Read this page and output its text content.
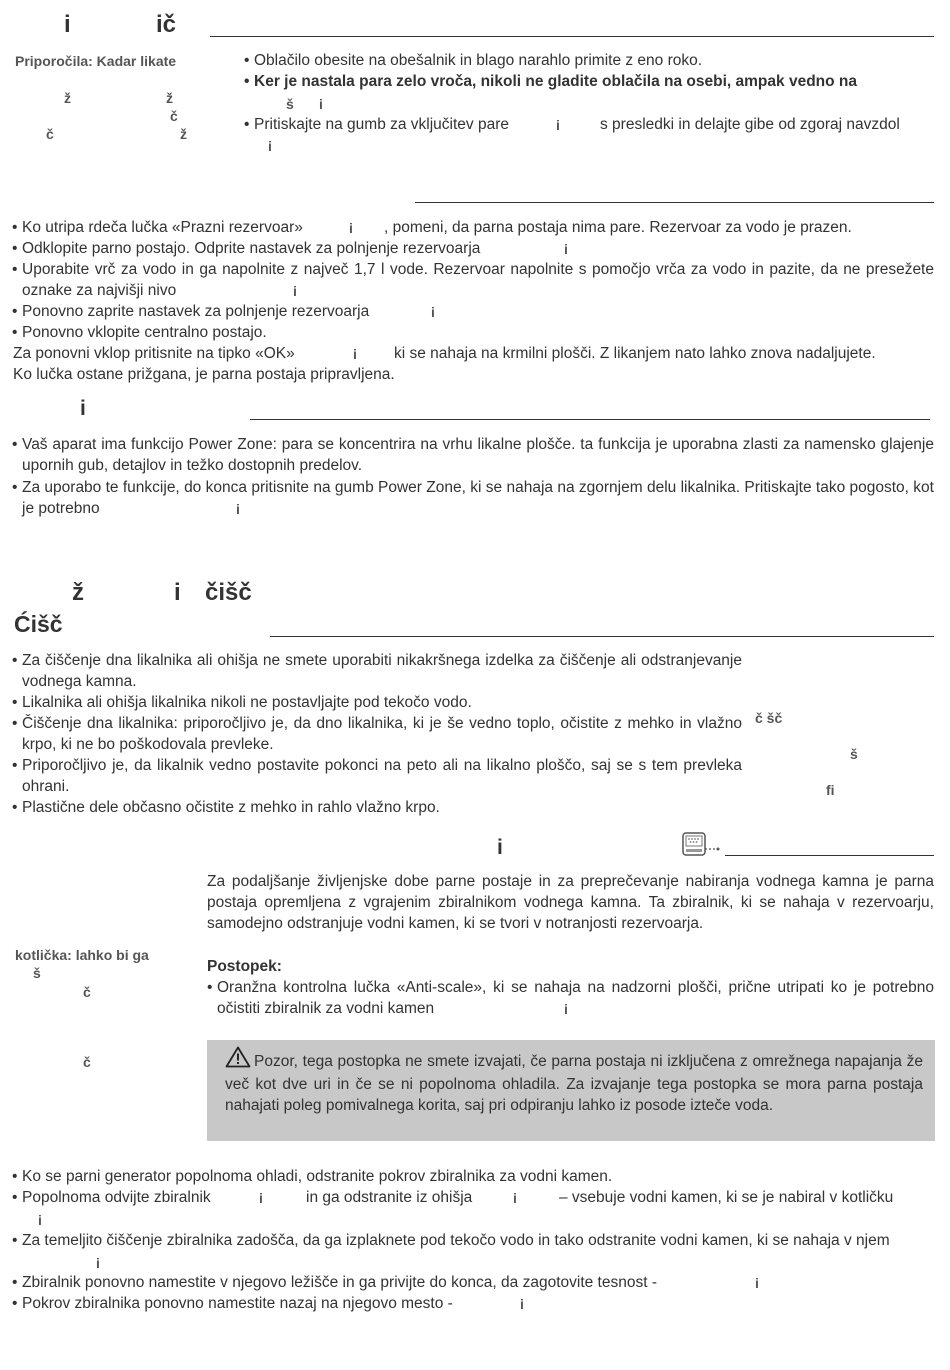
i	ič
Priporočila: Kadar likate
ž	ž
č
č	ž
• Oblačilo obesite na obešalnik in blago narahlo primite z eno roko.
• Ker je nastala para zelo vroča, nikoli ne gladite oblačila na osebi, ampak vedno na
š i
• Pritiskajte na gumb za vključitev pare	i	s presledki in delajte gibe od zgoraj navzdol
i
• Ko utripa rdeča lučka «Prazni rezervoar»	i , pomeni, da parna postaja nima pare. Rezervoar za vodo je prazen.
• Odklopite parno postajo. Odprite nastavek za polnjenje rezervoarja	i
• Uporabite vrč za vodo in ga napolnite z največ 1,7 l vode. Rezervoar napolnite s pomočjo vrča za vodo in pazite, da ne presežete oznake za najvišji nivo	i
• Ponovno zaprite nastavek za polnjenje rezervoarja	i
• Ponovno vklopite centralno postajo.
Za ponovni vklop pritisnite na tipko «OK»	i ki se nahaja na krmilni plošči. Z likanjem nato lahko znova nadaljujete.
Ko lučka ostane prižgana, je parna postaja pripravljena.
i
• Vaš aparat ima funkcijo Power Zone: para se koncentrira na vrhu likalne plošče. ta funkcija je uporabna zlasti za namensko glajenje upornih gub, detajlov in težko dostopnih predelov.
• Za uporabo te funkcije, do konca pritisnite na gumb Power Zone, ki se nahaja na zgornjem delu likalnika. Pritiskajte tako pogosto, kot je potrebno	i
ž	i čišč
Ćišč
• Za čiščenje dna likalnika ali ohišja ne smete uporabiti nikakršnega izdelka za čiščenje ali odstranjevanje vodnega kamna.
• Likalnika ali ohišja likalnika nikoli ne postavljajte pod tekočo vodo.
• Čiščenje dna likalnika: priporočljivo je, da dno likalnika, ki je še vedno toplo, očistite z mehko in vlažno krpo, ki ne bo poškodovala prevleke.
• Priporočljivo je, da likalnik vedno postavite pokonci na peto ali na likalno ploščo, saj se s tem prevleka ohrani.
• Plastične dele občasno očistite z mehko in rahlo vlažno krpo.
č šč
š
fi
i
Za podaljšanje življenjske dobe parne postaje in za preprečevanje nabiranja vodnega kamna je parna postaja opremljena z vgrajenim zbiralnikom vodnega kamna. Ta zbiralnik, ki se nahaja v rezervoarju, samodejno odstranjuje vodni kamen, ki se tvori v notranjosti rezervoarja.
kotlička: lahko bi ga
š
č
č
Postopek:
• Oranžna kontrolna lučka «Anti-scale», ki se nahaja na nadzorni plošči, prične utripati ko je potrebno očistiti zbiralnik za vodni kamen	i
Pozor, tega postopka ne smete izvajati, če parna postaja ni izključena z omrežnega napajanja že več kot dve uri in če se ni popolnoma ohladila. Za izvajanje tega postopka se mora parna postaja nahajati poleg pomivalnega korita, saj pri odpiranju lahko iz posode izteče voda.
• Ko se parni generator popolnoma ohladi, odstranite pokrov zbiralnika za vodni kamen.
• Popolnoma odvijte zbiralnik	i	in ga odstranite iz ohišja	i	– vsebuje vodni kamen, ki se je nabiral v kotličku
i
• Za temeljito čiščenje zbiralnika zadošča, da ga izplaknete pod tekočo vodo in tako odstranite vodni kamen, ki se nahaja v njem
i
• Zbiralnik ponovno namestite v njegovo ležišče in ga privijte do konca, da zagotovite tesnost -	i
• Pokrov zbiralnika ponovno namestite nazaj na njegovo mesto -	i
